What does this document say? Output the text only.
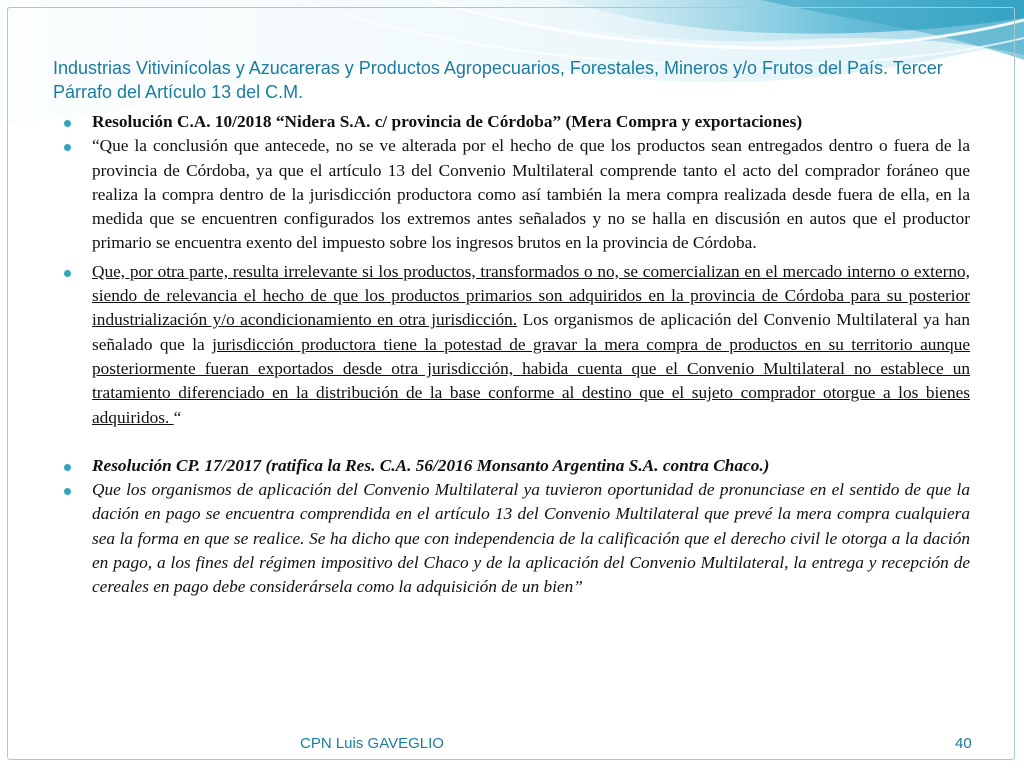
Industrias Vitivinícolas y Azucareras y Productos Agropecuarios, Forestales, Mineros y/o Frutos del País. Tercer Párrafo del Artículo 13 del C.M.
Resolución C.A. 10/2018 “Nidera S.A. c/ provincia de Córdoba” (Mera Compra y exportaciones)
“Que la conclusión que antecede, no se ve alterada por el hecho de que los productos sean entregados dentro o fuera de la provincia de Córdoba, ya que el artículo 13 del Convenio Multilateral comprende tanto el acto del comprador foráneo que realiza la compra dentro de la jurisdicción productora como así también la mera compra realizada desde fuera de ella, en la medida que se encuentren configurados los extremos antes señalados y no se halla en discusión en autos que el productor primario se encuentra exento del impuesto sobre los ingresos brutos en la provincia de Córdoba.
Que, por otra parte, resulta irrelevante si los productos, transformados o no, se comercializan en el mercado interno o externo, siendo de relevancia el hecho de que los productos primarios son adquiridos en la provincia de Córdoba para su posterior industrialización y/o acondicionamiento en otra jurisdicción. Los organismos de aplicación del Convenio Multilateral ya han señalado que la jurisdicción productora tiene la potestad de gravar la mera compra de productos en su territorio aunque posteriormente fueran exportados desde otra jurisdicción, habida cuenta que el Convenio Multilateral no establece un tratamiento diferenciado en la distribución de la base conforme al destino que el sujeto comprador otorgue a los bienes adquiridos. “
Resolución CP. 17/2017 (ratifica la Res. C.A. 56/2016 Monsanto Argentina S.A. contra Chaco.)
Que los organismos de aplicación del Convenio Multilateral ya tuvieron oportunidad de pronunciase en el sentido de que la dación en pago se encuentra comprendida en el artículo 13 del Convenio Multilateral que prevé la mera compra cualquiera sea la forma en que se realice. Se ha dicho que con independencia de la calificación que el derecho civil le otorga a la dación en pago, a los fines del régimen impositivo del Chaco y de la aplicación del Convenio Multilateral, la entrega y recepción de cereales en pago debe considerársela como la adquisición de un bien”
CPN Luis GAVEGLIO	40
